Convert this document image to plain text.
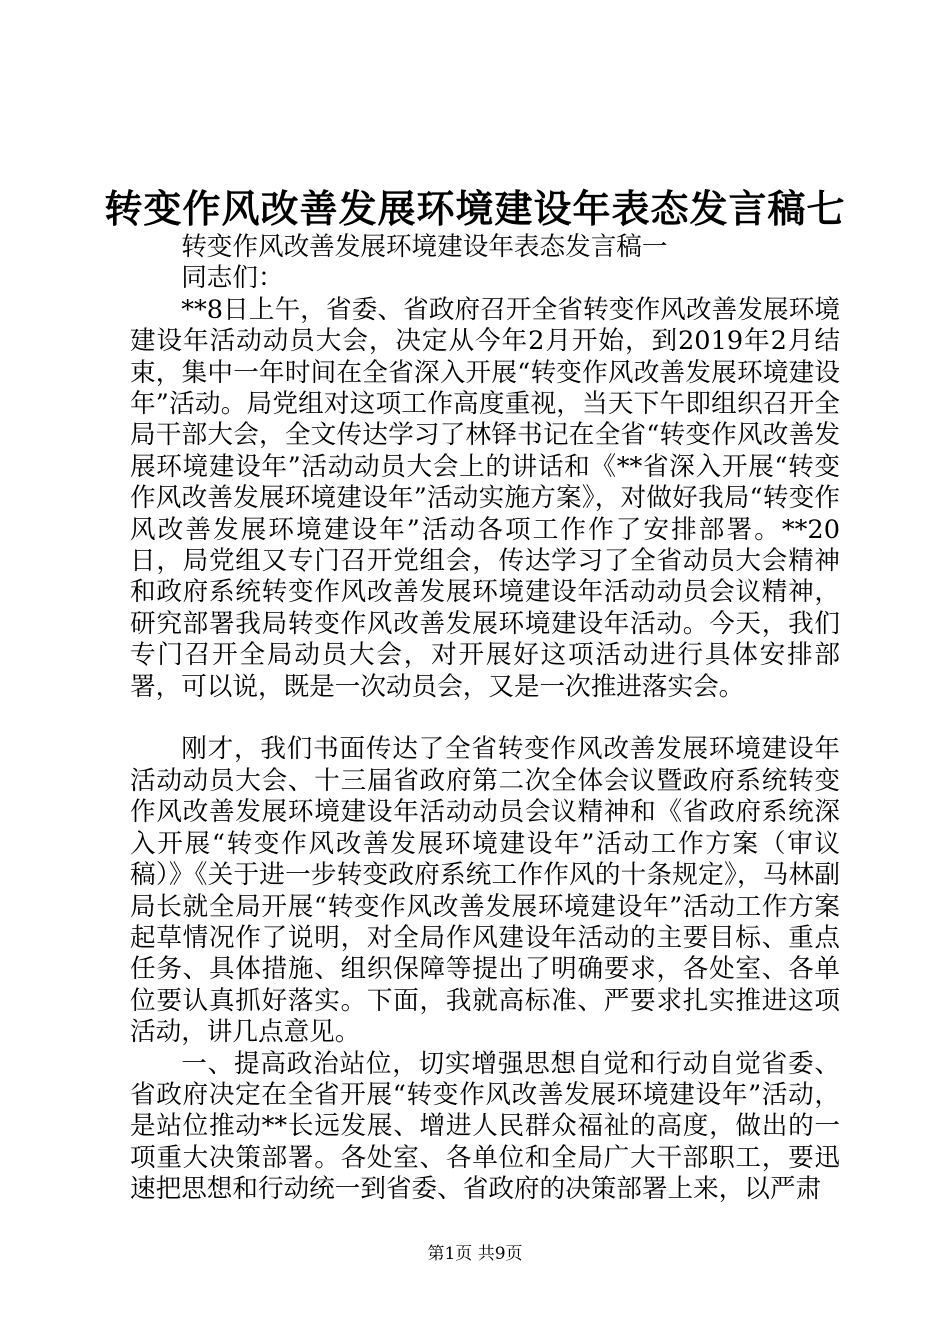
转变作风改善发展环境建设年表态发言稿七

转变作风改善发展环境建设年表态发言稿一

同志们：

**8日上午，省委、省政府召开全省转变作风改善发展环境建设年活动动员大会，决定从今年2月开始，到2019年2月结束，集中一年时间在全省深入开展“转变作风改善发展环境建设年”活动。局党组对这项工作高度重视，当天下午即组织召开全局干部大会，全文传达学习了林铎书记在全省“转变作风改善发展环境建设年”活动动员大会上的讲话和《**省深入开展“转变作风改善发展环境建设年”活动实施方案》，对做好我局“转变作风改善发展环境建设年”活动各项工作作了安排部署。**20日，局党组又专门召开党组会，传达学习了全省动员大会精神和政府系统转变作风改善发展环境建设年活动动员会议精神，研究部署我局转变作风改善发展环境建设年活动。今天，我们专门召开全局动员大会，对开展好这项活动进行具体安排部署，可以说，既是一次动员会，又是一次推进落实会。

刚才，我们书面传达了全省转变作风改善发展环境建设年活动动员大会、十三届省政府第二次全体会议暨政府系统转变作风改善发展环境建设年活动动员会议精神和《省政府系统深入开展“转变作风改善发展环境建设年”活动工作方案（审议稿）》《关于进一步转变政府系统工作作风的十条规定》，马林副局长就全局开展“转变作风改善发展环境建设年”活动工作方案起草情况作了说明，对全局作风建设年活动的主要目标、重点任务、具体措施、组织保障等提出了明确要求，各处室、各单位要认真抓好落实。下面，我就高标准、严要求扎实推进这项活动，讲几点意见。

一、提高政治站位，切实增强思想自觉和行动自觉省委、省政府决定在全省开展“转变作风改善发展环境建设年”活动，是站位推动**长远发展、增进人民群众福祉的高度，做出的一项重大决策部署。各处室、各单位和全局广大干部职工，要迅速把思想和行动统一到省委、省政府的决策部署上来，以严肃

第1页 共9页
